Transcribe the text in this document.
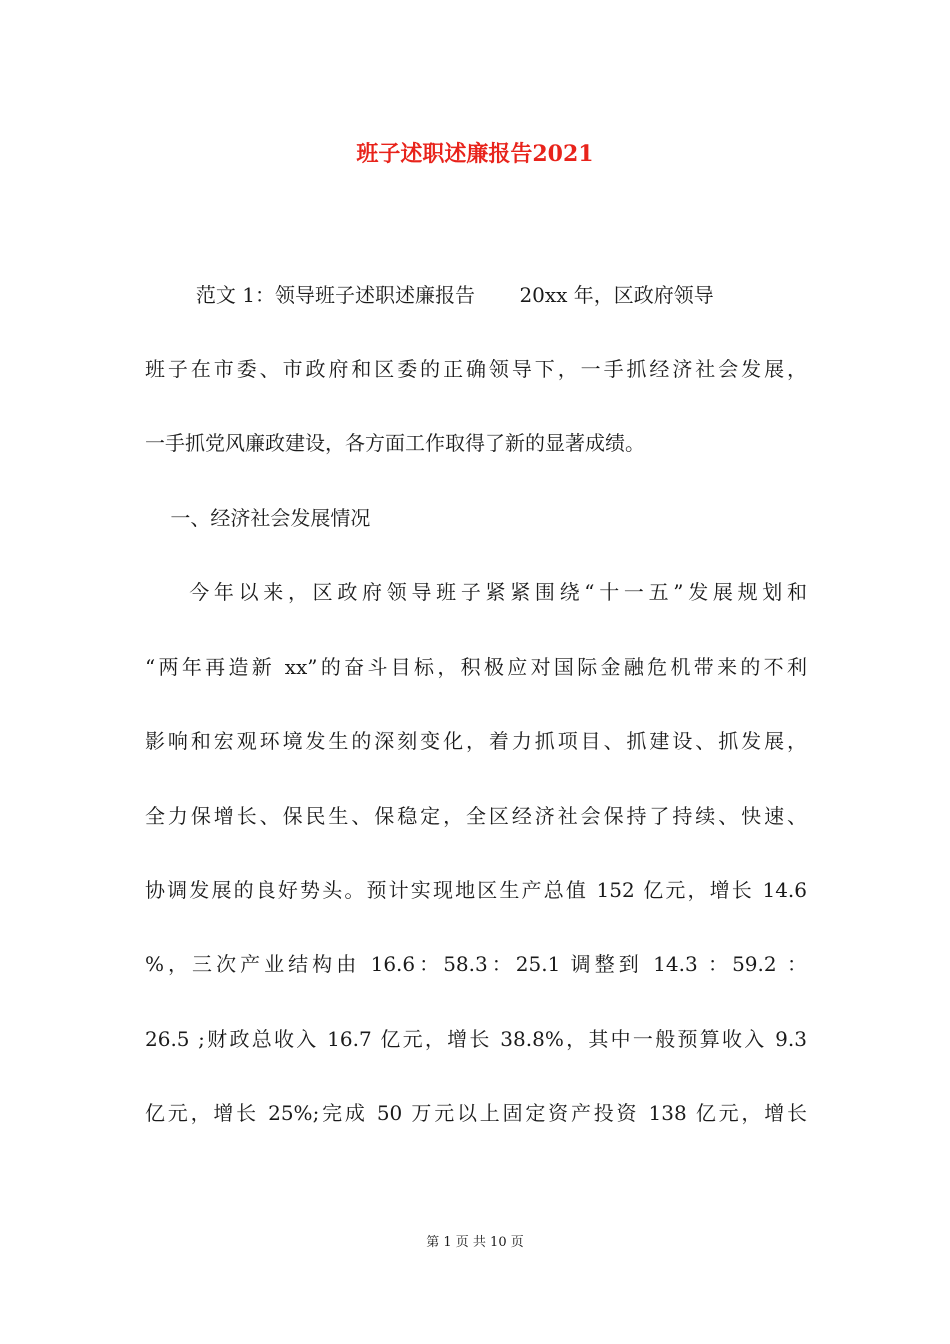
班子述职述廉报告2021
范文 1：领导班子述职述廉报告       20xx 年，区政府领导
班子在市委、市政府和区委的正确领导下，一手抓经济社会发展，
一手抓党风廉政建设，各方面工作取得了新的显著成绩。
一、经济社会发展情况
今年以来，区政府领导班子紧紧围绕“十一五”发展规划和
“两年再造新 xx”的奋斗目标，积极应对国际金融危机带来的不利
影响和宏观环境发生的深刻变化，着力抓项目、抓建设、抓发展，
全力保增长、保民生、保稳定，全区经济社会保持了持续、快速、
协调发展的良好势头。预计实现地区生产总值 152 亿元，增长 14.6
%，三次产业结构由 16.6：58.3：25.1 调整到 14.3 ：59.2 ：
26.5 ;财政总收入 16.7 亿元，增长 38.8%，其中一般预算收入 9.3
亿元，增长 25%;完成 50 万元以上固定资产投资 138 亿元，增长
第 1 页 共 10 页
